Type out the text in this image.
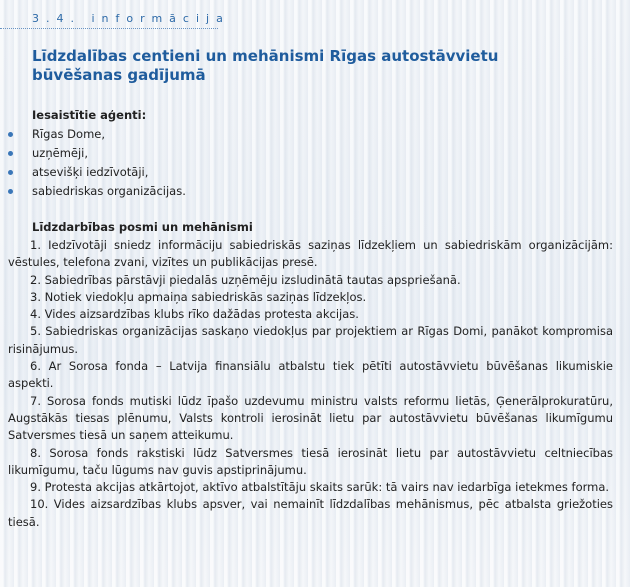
3.4. informācija
Līdzdalības centieni un mehānismi Rīgas autostāvvietu būvēšanas gadījumā
Iesaistītie aģenti:
Rīgas Dome,
uzņēmēji,
atsevišķi iedzīvotāji,
sabiedriskas organizācijas.
Līdzdarbības posmi un mehānismi

1. Iedzīvotāji sniedz informāciju sabiedriskās saziņas līdzekļiem un sabiedriskām organizācijām: vēstules, telefona zvani, vizītes un publikācijas presē.

2. Sabiedrības pārstāvji piedalās uzņēmēju izsludinātā tautas apspriešanā.

3. Notiek viedokļu apmaiņa sabiedriskās saziņas līdzekļos.

4. Vides aizsardzības klubs rīko dažādas protesta akcijas.

5. Sabiedriskas organizācijas saskaņo viedokļus par projektiem ar Rīgas Domi, panākot kompromisa risinājumus.

6. Ar Sorosa fonda – Latvija finansiālu atbalstu tiek pētīti autostāvvietu būvēšanas likumiskie aspekti.

7. Sorosa fonds mutiski lūdz īpašo uzdevumu ministru valsts reformu lietās, Ģenerālprokuratūru, Augstākās tiesas plēnumu, Valsts kontroli ierosināt lietu par autostāvvietu būvēšanas likumīgumu Satversmes tiesā un saņem atteikumu.

8. Sorosa fonds rakstiski lūdz Satversmes tiesā ierosināt lietu par autostāvvietu celtniecības likumīgumu, taču lūgums nav guvis apstiprinājumu.

9. Protesta akcijas atkārtojot, aktīvo atbalstītāju skaits sarūk: tā vairs nav iedarbīga ietekmes forma.

10. Vides aizsardzības klubs apsver, vai nemainīt līdzdalības mehānismus, pēc atbalsta griežoties tiesā.
